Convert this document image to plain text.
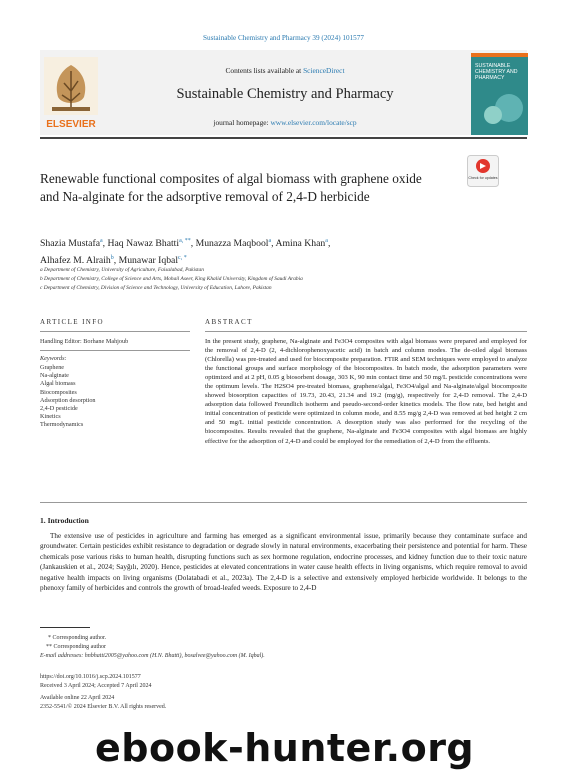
Sustainable Chemistry and Pharmacy 39 (2024) 101577
ELSEVIER
Contents lists available at ScienceDirect
Sustainable Chemistry and Pharmacy
journal homepage: www.elsevier.com/locate/scp
SUSTAINABLE
CHEMISTRY AND
PHARMACY
Renewable functional composites of algal biomass with graphene oxide and Na-alginate for the adsorptive removal of 2,4-D herbicide
Check for updates
Shazia Mustafa$^a$, Haq Nawaz Bhatti$^{a, **}$, Munazza Maqbool$^a$, Amina Khan$^a$,
Alhafez M. Alraih$^b$, Munawar Iqbal$^{c, *}$
a Department of Chemistry, University of Agriculture, Faisalabad, Pakistan
b Department of Chemistry, College of Science and Arts, Mohail Aseer, King Khalid University, Kingdom of Saudi Arabia
c Department of Chemistry, Division of Science and Technology, University of Education, Lahore, Pakistan
ARTICLE INFO
Handling Editor: Borhane Mahjoub
Keywords:
Graphene
Na-alginate
Algal biomass
Biocomposites
Adsorption desorption
2,4-D pesticide
Kinetics
Thermodynamics
ABSTRACT
In the present study, graphene, Na-alginate and Fe3O4 composites with algal biomass were prepared and employed for the removal of 2,4-D (2, 4-dichlorophenoxyacetic acid) in batch and column modes. The de-oiled algal biomass (Chlorella) was pre-treated and used for biocomposite preparation. FTIR and SEM techniques were employed to analyze the functional groups and surface morphology of the biocomposites. In batch mode, the adsorption parameters were optimized and at 2 pH, 0.05 g biosorbent dosage, 303 K, 90 min contact time and 50 mg/L pesticide concentrations were the optimum levels. The H2SO4 pre-treated biomass, graphene/algal, Fe3O4/algal and Na-alginate/algal biocomposite showed biosorption capacities of 19.73, 20.43, 21.34 and 19.2 (mg/g), respectively for 2,4-D removal. The 2,4-D adsorption data followed Freundlich isotherm and pseudo-second-order kinetics models. The flow rate, bed height and initial concentration of pesticide were optimized in column mode, and 8.55 mg/g 2,4-D was removed at bed height 2 cm and 50 mg/L initial pesticide concentration. A desorption study was also performed for the recycling of the biocomposites. Results revealed that the graphene, Na-alginate and Fe3O4 composites with algal biomass are highly effective for the adsorption of 2,4-D and could be employed for the remediation of 2,4-D from the effluents.
1. Introduction
The extensive use of pesticides in agriculture and farming has emerged as a significant environmental issue, primarily because they contaminate surface and groundwater. Certain pesticides exhibit resistance to degradation or degrade slowly in natural environments, exacerbating their persistence and potential for harm. These chemicals pose various risks to human health, disrupting functions such as sex hormone regulation, endocrine processes, and kidney function due to their toxic nature (Jankauskien et al., 2024; Sayğılı, 2020). Hence, pesticides at elevated concentrations in water cause health effects in living organisms, which require removal to avoid negative health impacts on living organisms (Dolatabadi et al., 2023a). The 2,4-D is a selective and extensively employed herbicide worldwide. It belongs to the phenoxy family of herbicides and controls the growth of broad-leafed weeds. Exposure to 2,4-D
* Corresponding author.
** Corresponding author
E-mail addresses: hnbhatti2005@yahoo.com (H.N. Bhatti), bosalvee@yahoo.com (M. Iqbal).
https://doi.org/10.1016/j.scp.2024.101577
Received 3 April 2024; Accepted 7 April 2024
Available online 22 April 2024
2352-5541/© 2024 Elsevier B.V. All rights reserved.
ebook-hunter.org
